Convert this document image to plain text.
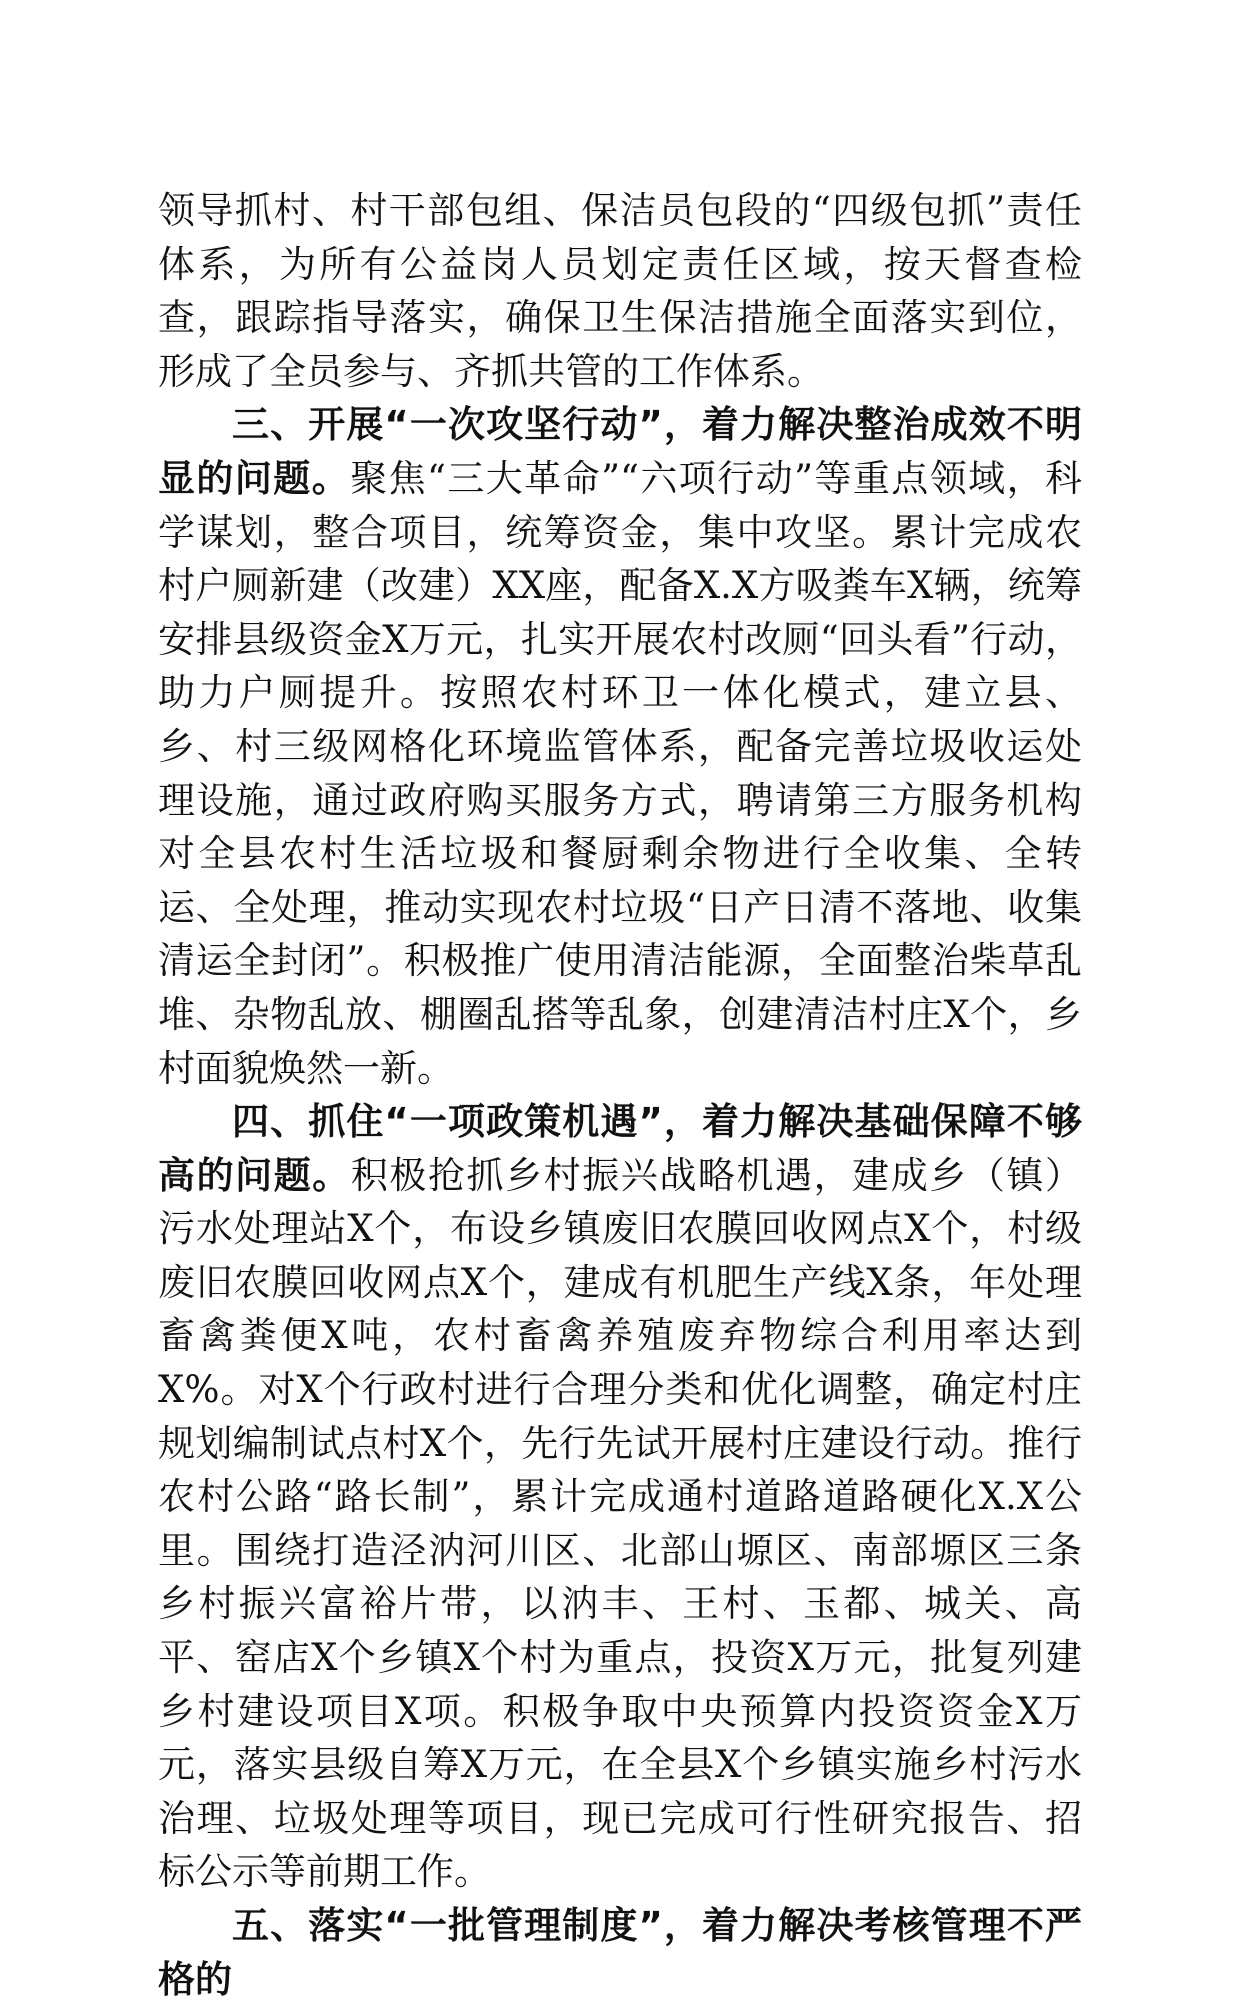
领导抓村、村干部包组、保洁员包段的“四级包抓”责任体系，为所有公益岗人员划定责任区域，按天督查检查，跟踪指导落实，确保卫生保洁措施全面落实到位，形成了全员参与、齐抓共管的工作体系。

三、开展“一次攻坚行动”，着力解决整治成效不明显的问题。聚焦“三大革命”“六项行动”等重点领域，科学谋划，整合项目，统筹资金，集中攻坚。累计完成农村户厕新建（改建）XX座，配备X.X方吸粪车X辆，统筹安排县级资金X万元，扎实开展农村改厕“回头看”行动，助力户厕提升。按照农村环卫一体化模式，建立县、乡、村三级网格化环境监管体系，配备完善垃圾收运处理设施，通过政府购买服务方式，聘请第三方服务机构对全县农村生活垃圾和餐厨剩余物进行全收集、全转运、全处理，推动实现农村垃圾“日产日清不落地、收集清运全封闭”。积极推广使用清洁能源，全面整治柴草乱堆、杂物乱放、棚圈乱搭等乱象，创建清洁村庄X个，乡村面貌焕然一新。

四、抓住“一项政策机遇”，着力解决基础保障不够高的问题。积极抢抓乡村振兴战略机遇，建成乡（镇）污水处理站X个，布设乡镇废旧农膜回收网点X个，村级废旧农膜回收网点X个，建成有机肥生产线X条，年处理畜禽粪便X吨，农村畜禽养殖废弃物综合利用率达到X%。对X个行政村进行合理分类和优化调整，确定村庄规划编制试点村X个，先行先试开展村庄建设行动。推行农村公路“路长制”，累计完成通村道路道路硬化X.X公里。围绕打造泾汭河川区、北部山塬区、南部塬区三条乡村振兴富裕片带，以汭丰、王村、玉都、城关、高平、窑店X个乡镇X个村为重点，投资X万元，批复列建乡村建设项目X项。积极争取中央预算内投资资金X万元，落实县级自筹X万元，在全县X个乡镇实施乡村污水治理、垃圾处理等项目，现已完成可行性研究报告、招标公示等前期工作。

五、落实“一批管理制度”，着力解决考核管理不严格的
